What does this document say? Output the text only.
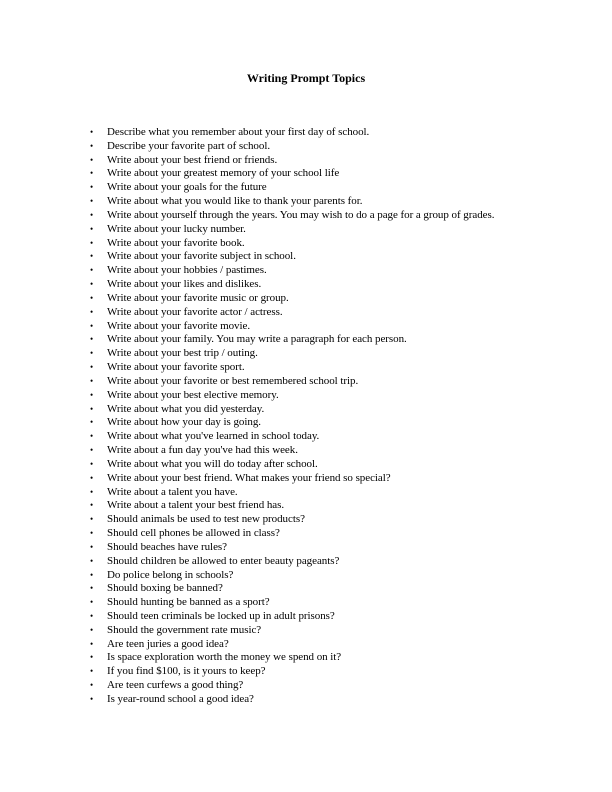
Writing Prompt Topics
• Describe what you remember about your first day of school.
• Describe your favorite part of school.
• Write about your best friend or friends.
• Write about your greatest memory of your school life
• Write about your goals for the future
• Write about what you would like to thank your parents for.
• Write about yourself through the years. You may wish to do a page for a group of grades.
• Write about your lucky number.
• Write about your favorite book.
• Write about your favorite subject in school.
• Write about your hobbies / pastimes.
• Write about your likes and dislikes.
• Write about your favorite music or group.
• Write about your favorite actor / actress.
• Write about your favorite movie.
• Write about your family. You may write a paragraph for each person.
• Write about your best trip / outing.
• Write about your favorite sport.
• Write about your favorite or best remembered school trip.
• Write about your best elective memory.
• Write about what you did yesterday.
• Write about how your day is going.
• Write about what you've learned in school today.
• Write about a fun day you've had this week.
• Write about what you will do today after school.
• Write about your best friend. What makes your friend so special?
• Write about a talent you have.
• Write about a talent your best friend has.
• Should animals be used to test new products?
• Should cell phones be allowed in class?
• Should beaches have rules?
• Should children be allowed to enter beauty pageants?
• Do police belong in schools?
• Should boxing be banned?
• Should hunting be banned as a sport?
• Should teen criminals be locked up in adult prisons?
• Should the government rate music?
• Are teen juries a good idea?
• Is space exploration worth the money we spend on it?
• If you find $100, is it yours to keep?
• Are teen curfews a good thing?
• Is year-round school a good idea?
